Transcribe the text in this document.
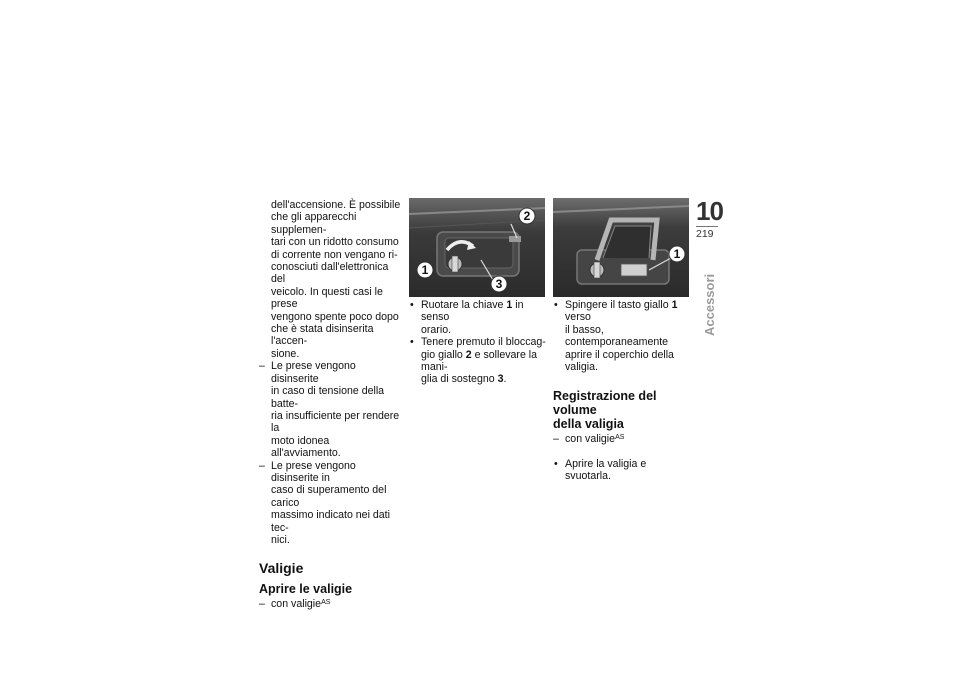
dell'accensione. È possibile
che gli apparecchi supplemen-
tari con un ridotto consumo
di corrente non vengano ri-
conosciuti dall'elettronica del
veicolo. In questi casi le prese
vengono spente poco dopo
che è stata disinserita l'accen-
sione.
– Le prese vengono disinserite
in caso di tensione della batte-
ria insufficiente per rendere la
moto idonea all'avviamento.
– Le prese vengono disinserite in
caso di superamento del carico
massimo indicato nei dati tec-
nici.
Valigie
Aprire le valigie
– con valigie$^{AS}$
1
2
3
• Ruotare la chiave 1 in senso
orario.
• Tenere premuto il bloccag-
gio giallo 2 e sollevare la mani-
glia di sostegno 3.
1
• Spingere il tasto giallo 1 verso
il basso, contemporaneamente
aprire il coperchio della valigia.
Registrazione del volume
della valigia
– con valigie$^{AS}$
• Aprire la valigia e svuotarla.
10
219
Accessori
